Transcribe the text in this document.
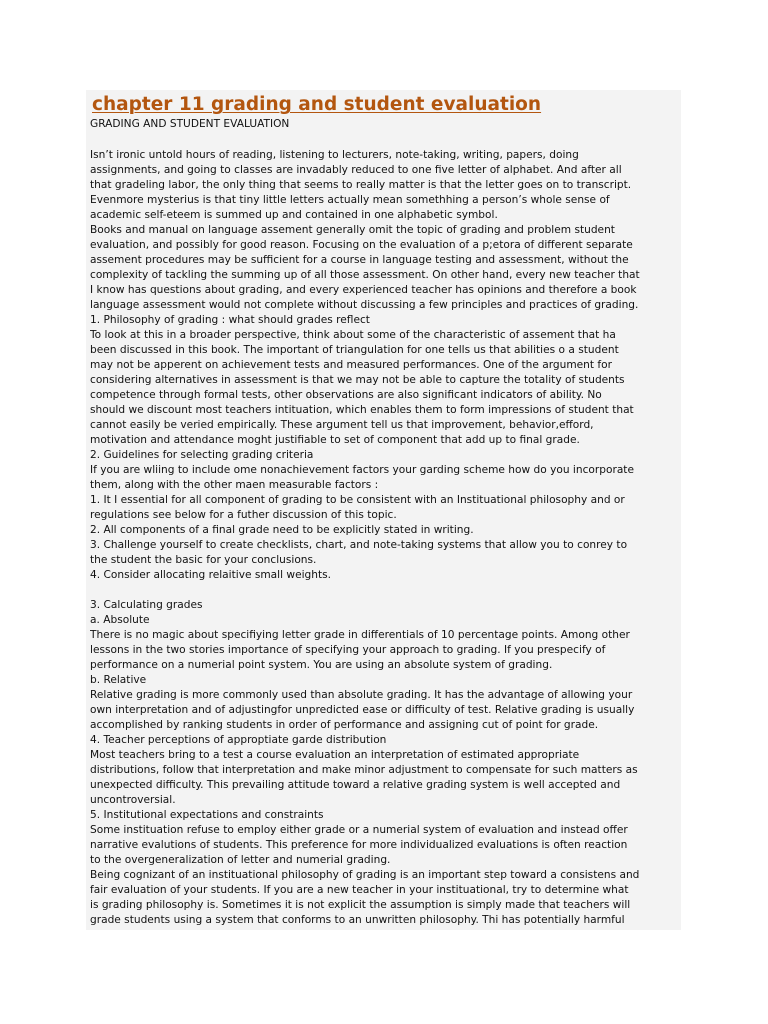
chapter 11 grading and student evaluation
GRADING AND STUDENT EVALUATION
Isn’t ironic untold hours of reading, listening to lecturers, note-taking, writing, papers, doing
assignments, and going to classes are invadably reduced to one five letter of alphabet. And after all
that gradeling labor, the only thing that seems to really matter is that the letter goes on to transcript.
Evenmore mysterius is that tiny little letters actually mean somethhing a person’s whole sense of
academic self-eteem is summed up and contained in one alphabetic symbol.
Books and manual on language assement generally omit the topic of grading and problem student
evaluation, and possibly for good reason. Focusing on the evaluation of a p;etora of different separate
assement procedures may be sufficient for a course in language testing and assessment, without the
complexity of tackling the summing up of all those assessment. On other hand, every new teacher that
I know has questions about grading, and every experienced teacher has opinions and therefore a book
language assessment would not complete without discussing a few principles and practices of grading.
1. Philosophy of grading : what should grades reflect
To look at this in a broader perspective, think about some of the characteristic of assement that ha
been discussed in this book. The important of triangulation for one tells us that abilities o a student
may not be apperent on achievement tests and measured performances. One of the argument for
considering alternatives in assessment is that we may not be able to capture the totality of students
competence through formal tests, other observations are also significant indicators of ability. No
should we discount most teachers intituation, which enables them to form impressions of student that
cannot easily be veried empirically. These argument tell us that improvement, behavior,efford,
motivation and attendance moght justifiable to set of component that add up to final grade.
2. Guidelines for selecting grading criteria
If you are wliing to include ome nonachievement factors your garding scheme how do you incorporate
them, along with the other maen measurable factors :
1. It I essential for all component of grading to be consistent with an Instituational philosophy and or
regulations see below for a futher discussion of this topic.
2. All components of a final grade need to be explicitly stated in writing.
3. Challenge yourself to create checklists, chart, and note-taking systems that allow you to conrey to
the student the basic for your conclusions.
4. Consider allocating relaitive small weights.
3. Calculating grades
a. Absolute
There is no magic about specifiying letter grade in differentials of 10 percentage points. Among other
lessons in the two stories importance of specifying your approach to grading. If you prespecify of
performance on a numerial point system. You are using an absolute system of grading.
b. Relative
Relative grading is more commonly used than absolute grading. It has the advantage of allowing your
own interpretation and of adjustingfor unpredicted ease or difficulty of test. Relative grading is usually
accomplished by ranking students in order of performance and assigning cut of point for grade.
4. Teacher perceptions of approptiate garde distribution
Most teachers bring to a test a course evaluation an interpretation of estimated appropriate
distributions, follow that interpretation and make minor adjustment to compensate for such matters as
unexpected difficulty. This prevailing attitude toward a relative grading system is well accepted and
uncontroversial.
5. Institutional expectations and constraints
Some instituation refuse to employ either grade or a numerial system of evaluation and instead offer
narrative evalutions of students. This preference for more individualized evaluations is often reaction
to the overgeneralization of letter and numerial grading.
Being cognizant of an instituational philosophy of grading is an important step toward a consistens and
fair evaluation of your students. If you are a new teacher in your instituational, try to determine what
is grading philosophy is. Sometimes it is not explicit the assumption is simply made that teachers will
grade students using a system that conforms to an unwritten philosophy. Thi has potentially harmful
